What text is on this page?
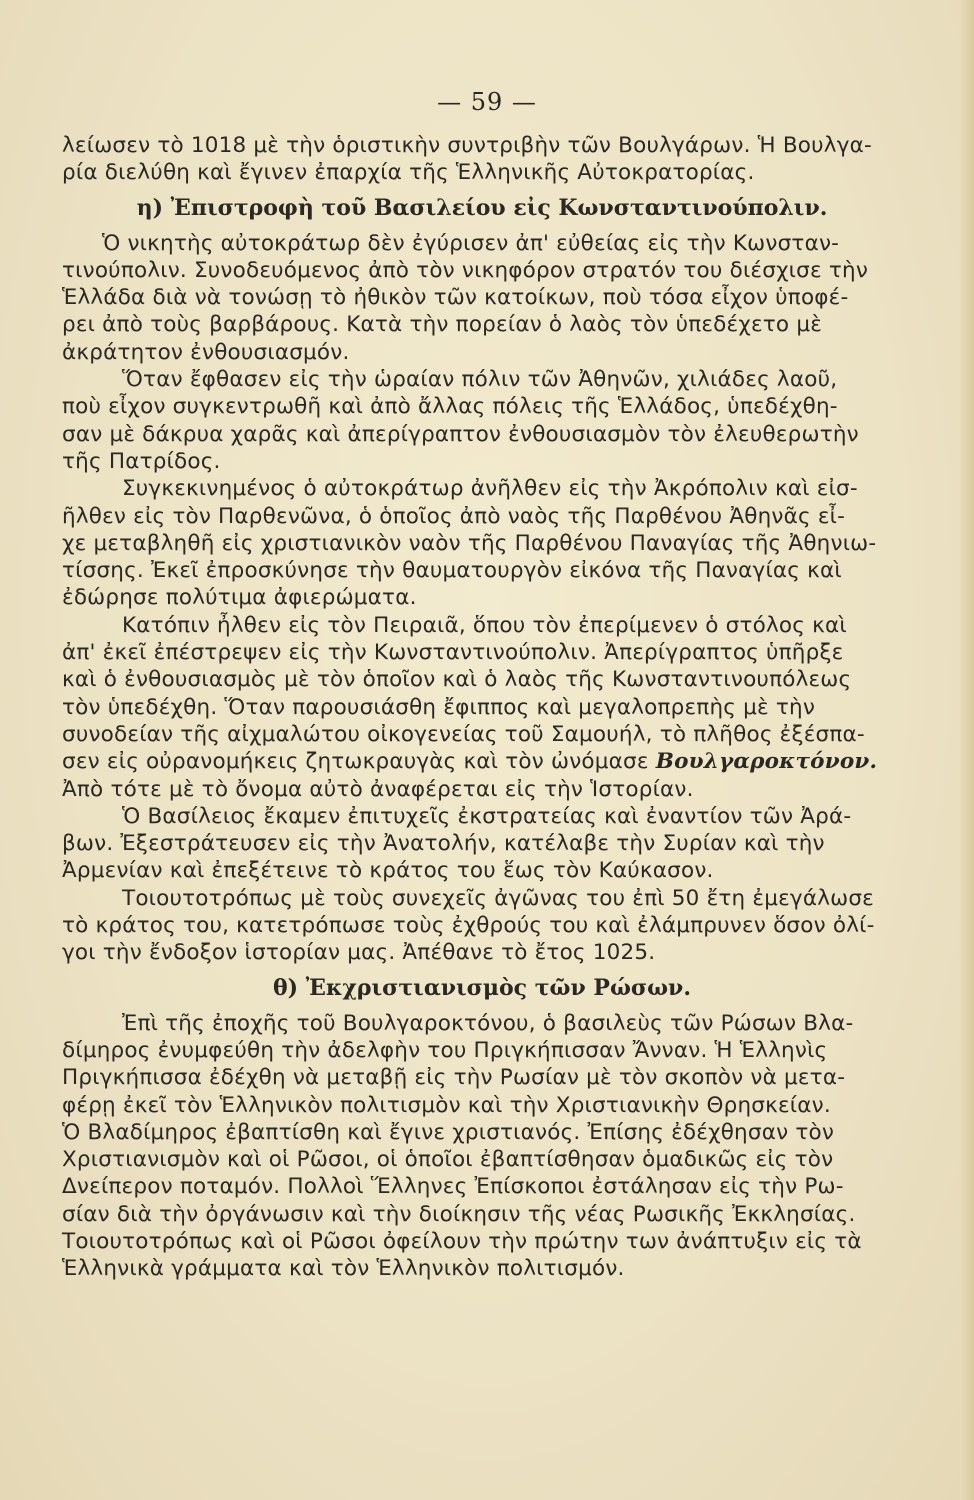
— 59 —
λείωσεν τὸ 1018 μὲ τὴν ὁριστικὴν συντριβὴν τῶν Βουλγάρων. Ἡ Βουλγα-
ρία διελύθη καὶ ἔγινεν ἐπαρχία τῆς Ἑλληνικῆς Αὐτοκρατορίας.
η) Ἐπιστροφὴ τοῦ Βασιλείου εἰς Κωνσταντινούπολιν.
Ὁ νικητὴς αὐτοκράτωρ δὲν ἐγύρισεν ἀπ' εὐθείας εἰς τὴν Κωνσταν-
τινούπολιν. Συνοδευόμενος ἀπὸ τὸν νικηφόρον στρατόν του διέσχισε τὴν
Ἑλλάδα διὰ νὰ τονώσῃ τὸ ἠθικὸν τῶν κατοίκων, ποὺ τόσα εἶχον ὑποφέ-
ρει ἀπὸ τοὺς βαρβάρους. Κατὰ τὴν πορείαν ὁ λαὸς τὸν ὑπεδέχετο μὲ
ἀκράτητον ἐνθουσιασμόν.
Ὅταν ἔφθασεν εἰς τὴν ὡραίαν πόλιν τῶν Ἀθηνῶν, χιλιάδες λαοῦ,
ποὺ εἶχον συγκεντρωθῆ καὶ ἀπὸ ἄλλας πόλεις τῆς Ἑλλάδος, ὑπεδέχθη-
σαν μὲ δάκρυα χαρᾶς καὶ ἀπερίγραπτον ἐνθουσιασμὸν τὸν ἐλευθερωτὴν
τῆς Πατρίδος.
Συγκεκινημένος ὁ αὐτοκράτωρ ἀνῆλθεν εἰς τὴν Ἀκρόπολιν καὶ εἰσ-
ῆλθεν εἰς τὸν Παρθενῶνα, ὁ ὁποῖος ἀπὸ ναὸς τῆς Παρθένου Ἀθηνᾶς εἶ-
χε μεταβληθῆ εἰς χριστιανικὸν ναὸν τῆς Παρθένου Παναγίας τῆς Ἀθηνιω-
τίσσης. Ἐκεῖ ἐπροσκύνησε τὴν θαυματουργὸν εἰκόνα τῆς Παναγίας καὶ
ἐδώρησε πολύτιμα ἀφιερώματα.
Κατόπιν ἦλθεν εἰς τὸν Πειραιᾶ, ὅπου τὸν ἐπερίμενεν ὁ στόλος καὶ
ἀπ' ἐκεῖ ἐπέστρεψεν εἰς τὴν Κωνσταντινούπολιν. Ἀπερίγραπτος ὑπῆρξε
καὶ ὁ ἐνθουσιασμὸς μὲ τὸν ὁποῖον καὶ ὁ λαὸς τῆς Κωνσταντινουπόλεως
τὸν ὑπεδέχθη. Ὅταν παρουσιάσθη ἔφιππος καὶ μεγαλοπρεπὴς μὲ τὴν
συνοδείαν τῆς αἰχμαλώτου οἰκογενείας τοῦ Σαμουήλ, τὸ πλῆθος ἐξέσπα-
σεν εἰς οὐρανομήκεις ζητωκραυγὰς καὶ τὸν ὠνόμασε Βουλγαροκτόνον.
Ἀπὸ τότε μὲ τὸ ὄνομα αὐτὸ ἀναφέρεται εἰς τὴν Ἱστορίαν.
Ὁ Βασίλειος ἔκαμεν ἐπιτυχεῖς ἐκστρατείας καὶ ἐναντίον τῶν Ἀρά-
βων. Ἐξεστράτευσεν εἰς τὴν Ἀνατολήν, κατέλαβε τὴν Συρίαν καὶ τὴν
Ἀρμενίαν καὶ ἐπεξέτεινε τὸ κράτος του ἕως τὸν Καύκασον.
Τοιουτοτρόπως μὲ τοὺς συνεχεῖς ἀγῶνας του ἐπὶ 50 ἔτη ἐμεγάλωσε
τὸ κράτος του, κατετρόπωσε τοὺς ἐχθρούς του καὶ ἐλάμπρυνεν ὅσον ὀλί-
γοι τὴν ἔνδοξον ἱστορίαν μας. Ἀπέθανε τὸ ἔτος 1025.
θ) Ἐκχριστιανισμὸς τῶν Ρώσων.
Ἐπὶ τῆς ἐποχῆς τοῦ Βουλγαροκτόνου, ὁ βασιλεὺς τῶν Ρώσων Βλα-
δίμηρος ἐνυμφεύθη τὴν ἀδελφὴν του Πριγκήπισσαν Ἄνναν. Ἡ Ἑλληνὶς
Πριγκήπισσα ἐδέχθη νὰ μεταβῇ εἰς τὴν Ρωσίαν μὲ τὸν σκοπὸν νὰ μετα-
φέρῃ ἐκεῖ τὸν Ἑλληνικὸν πολιτισμὸν καὶ τὴν Χριστιανικὴν Θρησκείαν.
Ὁ Βλαδίμηρος ἐβαπτίσθη καὶ ἔγινε χριστιανός. Ἐπίσης ἐδέχθησαν τὸν
Χριστιανισμὸν καὶ οἱ Ρῶσοι, οἱ ὁποῖοι ἐβαπτίσθησαν ὁμαδικῶς εἰς τὸν
Δνείπερον ποταμόν. Πολλοὶ Ἕλληνες Ἐπίσκοποι ἐστάλησαν εἰς τὴν Ρω-
σίαν διὰ τὴν ὀργάνωσιν καὶ τὴν διοίκησιν τῆς νέας Ρωσικῆς Ἐκκλησίας.
Τοιουτοτρόπως καὶ οἱ Ρῶσοι ὀφείλουν τὴν πρώτην των ἀνάπτυξιν εἰς τὰ
Ἑλληνικὰ γράμματα καὶ τὸν Ἑλληνικὸν πολιτισμόν.
